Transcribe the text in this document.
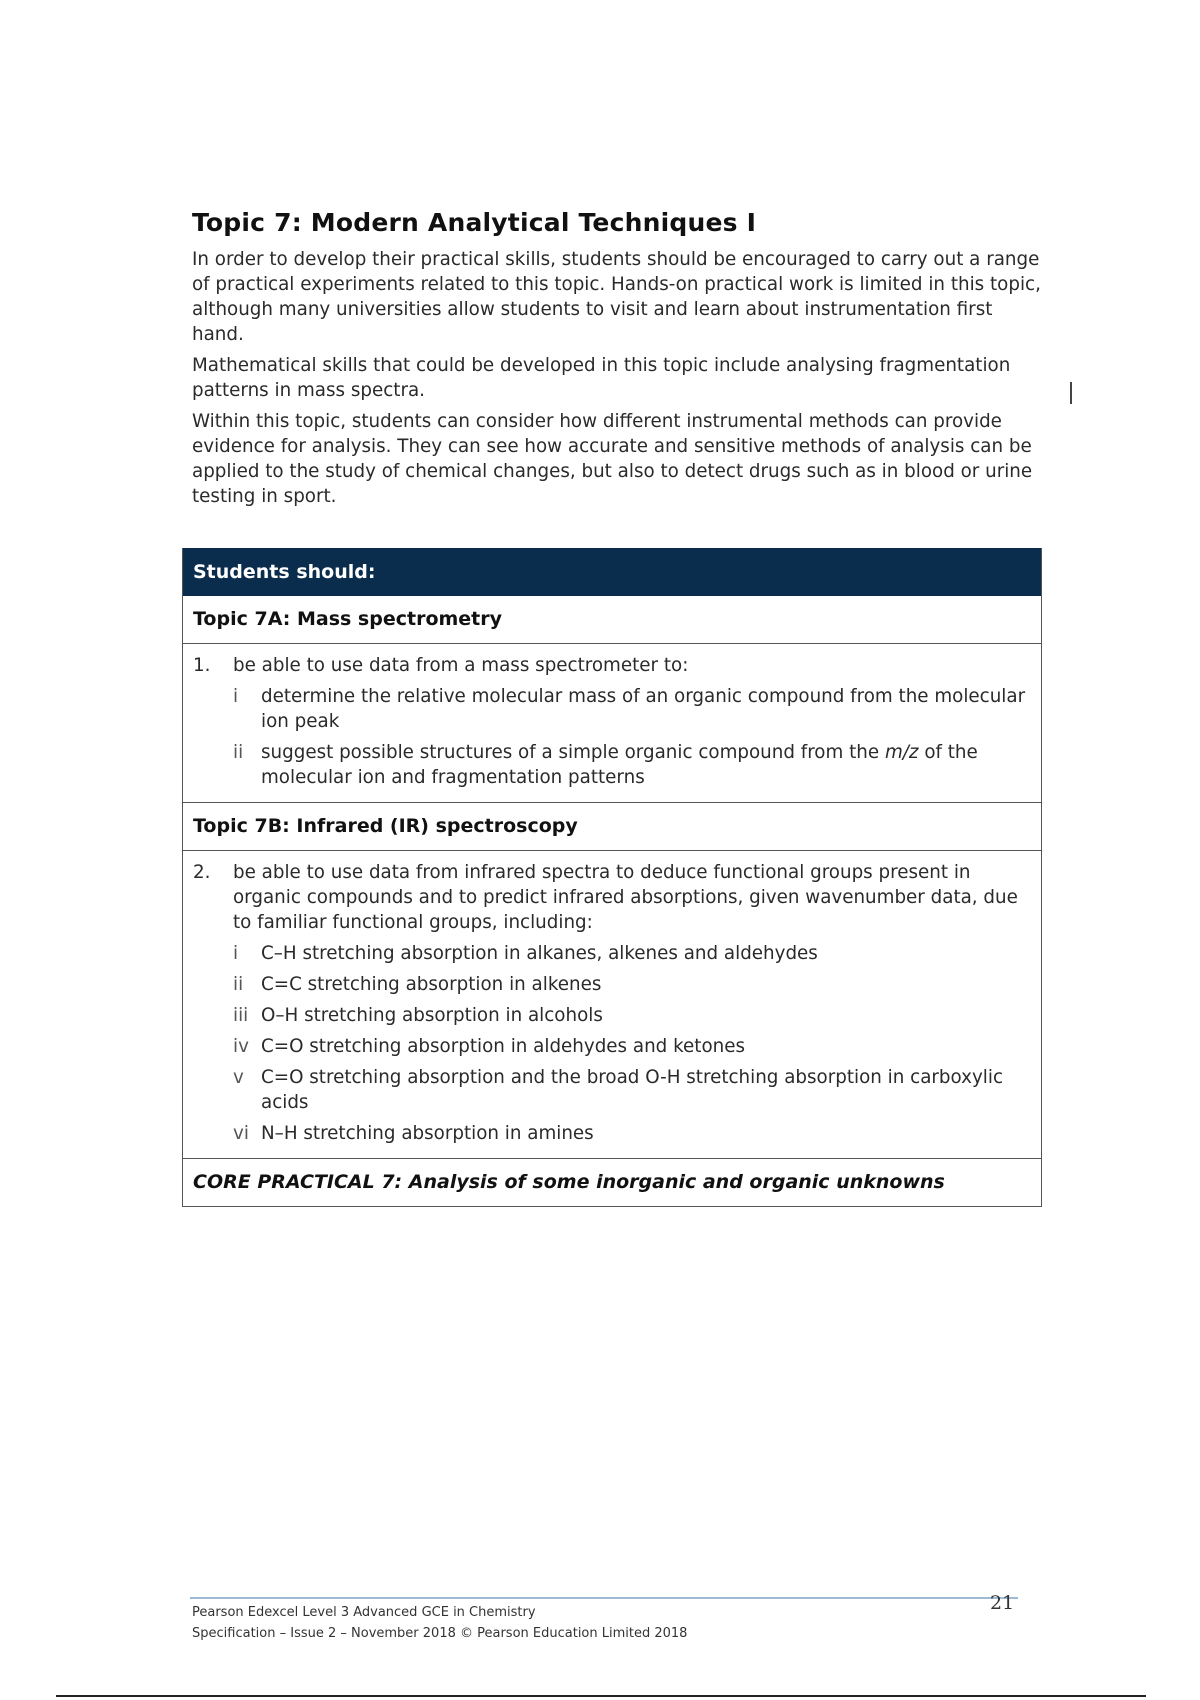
Topic 7: Modern Analytical Techniques I

In order to develop their practical skills, students should be encouraged to carry out a range of practical experiments related to this topic. Hands-on practical work is limited in this topic, although many universities allow students to visit and learn about instrumentation first hand.

Mathematical skills that could be developed in this topic include analysing fragmentation patterns in mass spectra.

Within this topic, students can consider how different instrumental methods can provide evidence for analysis. They can see how accurate and sensitive methods of analysis can be applied to the study of chemical changes, but also to detect drugs such as in blood or urine testing in sport.

Students should:
Topic 7A: Mass spectrometry
1.	be able to use data from a mass spectrometer to:
i	determine the relative molecular mass of an organic compound from the molecular ion peak
ii suggest possible structures of a simple organic compound from the m/z of the molecular ion and fragmentation patterns
Topic 7B: Infrared (IR) spectroscopy
2.	be able to use data from infrared spectra to deduce functional groups present in organic compounds and to predict infrared absorptions, given wavenumber data, due to familiar functional groups, including:
i	C–H stretching absorption in alkanes, alkenes and aldehydes
ii C=C stretching absorption in alkenes
iii O–H stretching absorption in alcohols
iv C=O stretching absorption in aldehydes and ketones
v C=O stretching absorption and the broad O-H stretching absorption in carboxylic acids
vi N–H stretching absorption in amines
CORE PRACTICAL 7: Analysis of some inorganic and organic unknowns
Pearson Edexcel Level 3 Advanced GCE in Chemistry
Specification – Issue 2 – November 2018 © Pearson Education Limited 2018
21
